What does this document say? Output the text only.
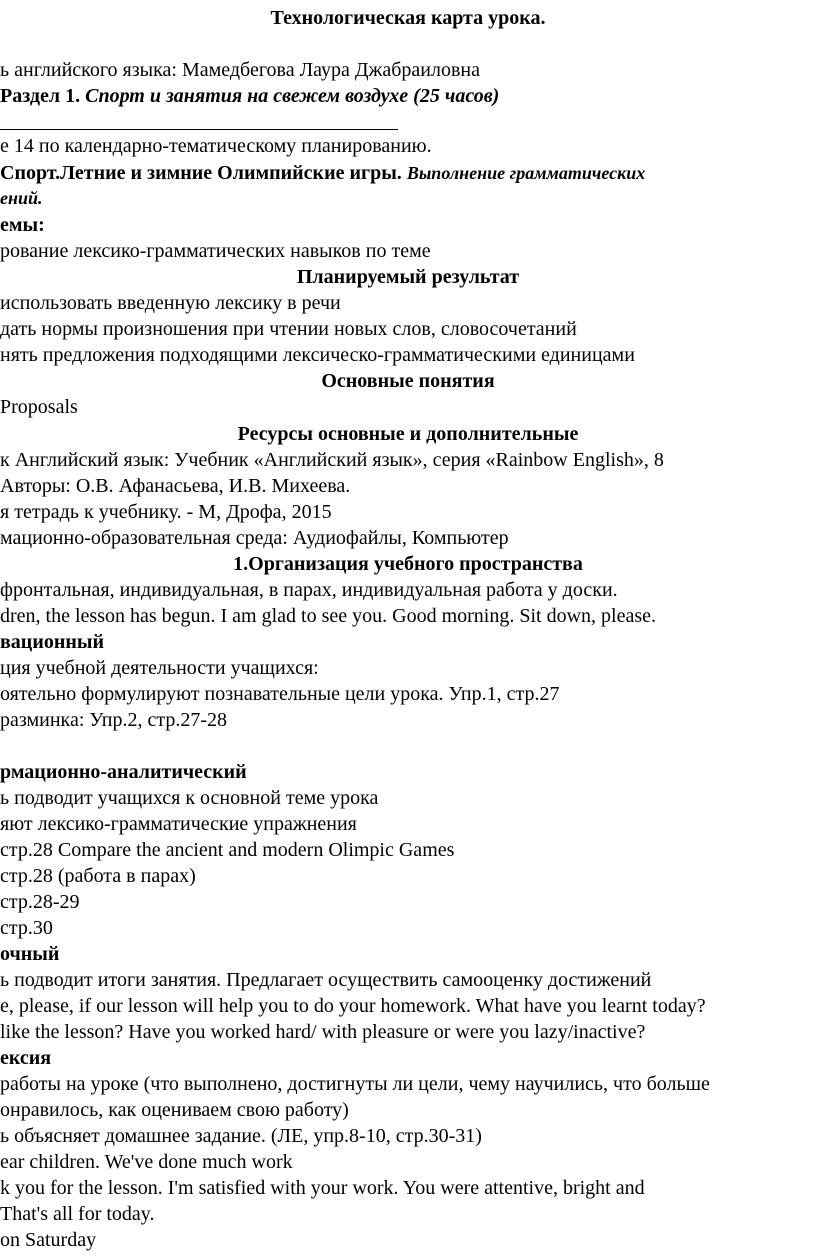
Технологическая карта урока.
ь английского языка: Мамедбегова Лаура Джабраиловна
Раздел 1. Спорт и занятия на свежем воздухе (25 часов)
е 14 по календарно-тематическому планированию.
Спорт.Летние и зимние Олимпийские игры. Выполнение грамматических
ений.
емы:
рование лексико-грамматических навыков по теме
Планируемый результат
использовать введенную лексику в речи
дать нормы произношения при чтении новых слов, словосочетаний
нять предложения подходящими лексическо-грамматическими единицами
Основные понятия
Proposals
Ресурсы основные и дополнительные
к Английский язык: Учебник «Английский язык», серия «Rainbow English», 8
Авторы: О.В. Афанасьева, И.В. Михеева.
я тетрадь к учебнику. - М, Дрофа, 2015
мационно-образовательная среда: Аудиофайлы, Компьютер
1.Организация учебного пространства
фронтальная, индивидуальная, в парах, индивидуальная работа у доски.
dren, the lesson has begun. I am glad to see you. Good morning. Sit down, please.
вационный
ция учебной деятельности учащихся:
оятельно формулируют познавательные цели урока. Упр.1, стр.27
разминка: Упр.2, стр.27-28
рмационно-аналитический
ь подводит учащихся к основной теме урока
яют лексико-грамматические упражнения
стр.28 Compare the ancient and modern Olimpic Games
стр.28 (работа в парах)
стр.28-29
стр.30
очный
ь подводит итоги занятия. Предлагает осуществить самооценку достижений
е, please, if our lesson will help you to do your homework. What have you learnt today?
like the lesson? Have you worked hard/ with pleasure or were you lazy/inactive?
ексия
работы на уроке (что выполнено, достигнуты ли цели, чему научились, что больше
онравилось, как оцениваем свою работу)
ь объясняет домашнее задание. (ЛЕ, упр.8-10, стр.30-31)
ear children. We've done much work
k you for the lesson. I'm satisfied with your work. You were attentive, bright and
That's all for today.
on Saturday
